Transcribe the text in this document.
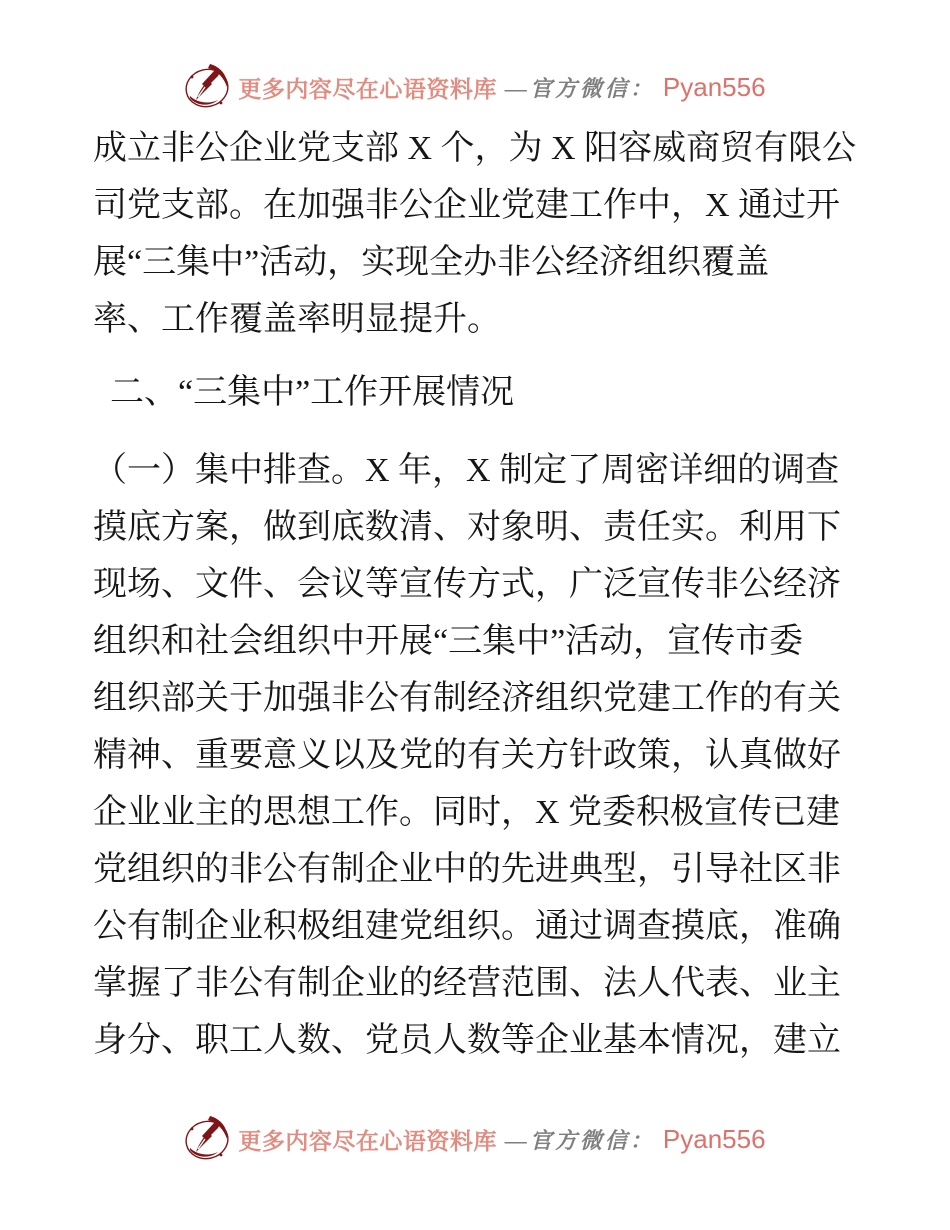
更多内容尽在心语资料库 —官方微信： Pyan556

成立非公企业党支部 X 个，为 X 阳容威商贸有限公
司党支部。在加强非公企业党建工作中，X 通过开
展“三集中”活动，实现全办非公经济组织覆盖
率、工作覆盖率明显提升。

二、“三集中”工作开展情况

（一）集中排查。X 年，X 制定了周密详细的调查
摸底方案，做到底数清、对象明、责任实。利用下
现场、文件、会议等宣传方式，广泛宣传非公经济
组织和社会组织中开展“三集中”活动，宣传市委
组织部关于加强非公有制经济组织党建工作的有关
精神、重要意义以及党的有关方针政策，认真做好
企业业主的思想工作。同时，X 党委积极宣传已建
党组织的非公有制企业中的先进典型，引导社区非
公有制企业积极组建党组织。通过调查摸底，准确
掌握了非公有制企业的经营范围、法人代表、业主
身分、职工人数、党员人数等企业基本情况，建立

更多内容尽在心语资料库 —官方微信： Pyan556
